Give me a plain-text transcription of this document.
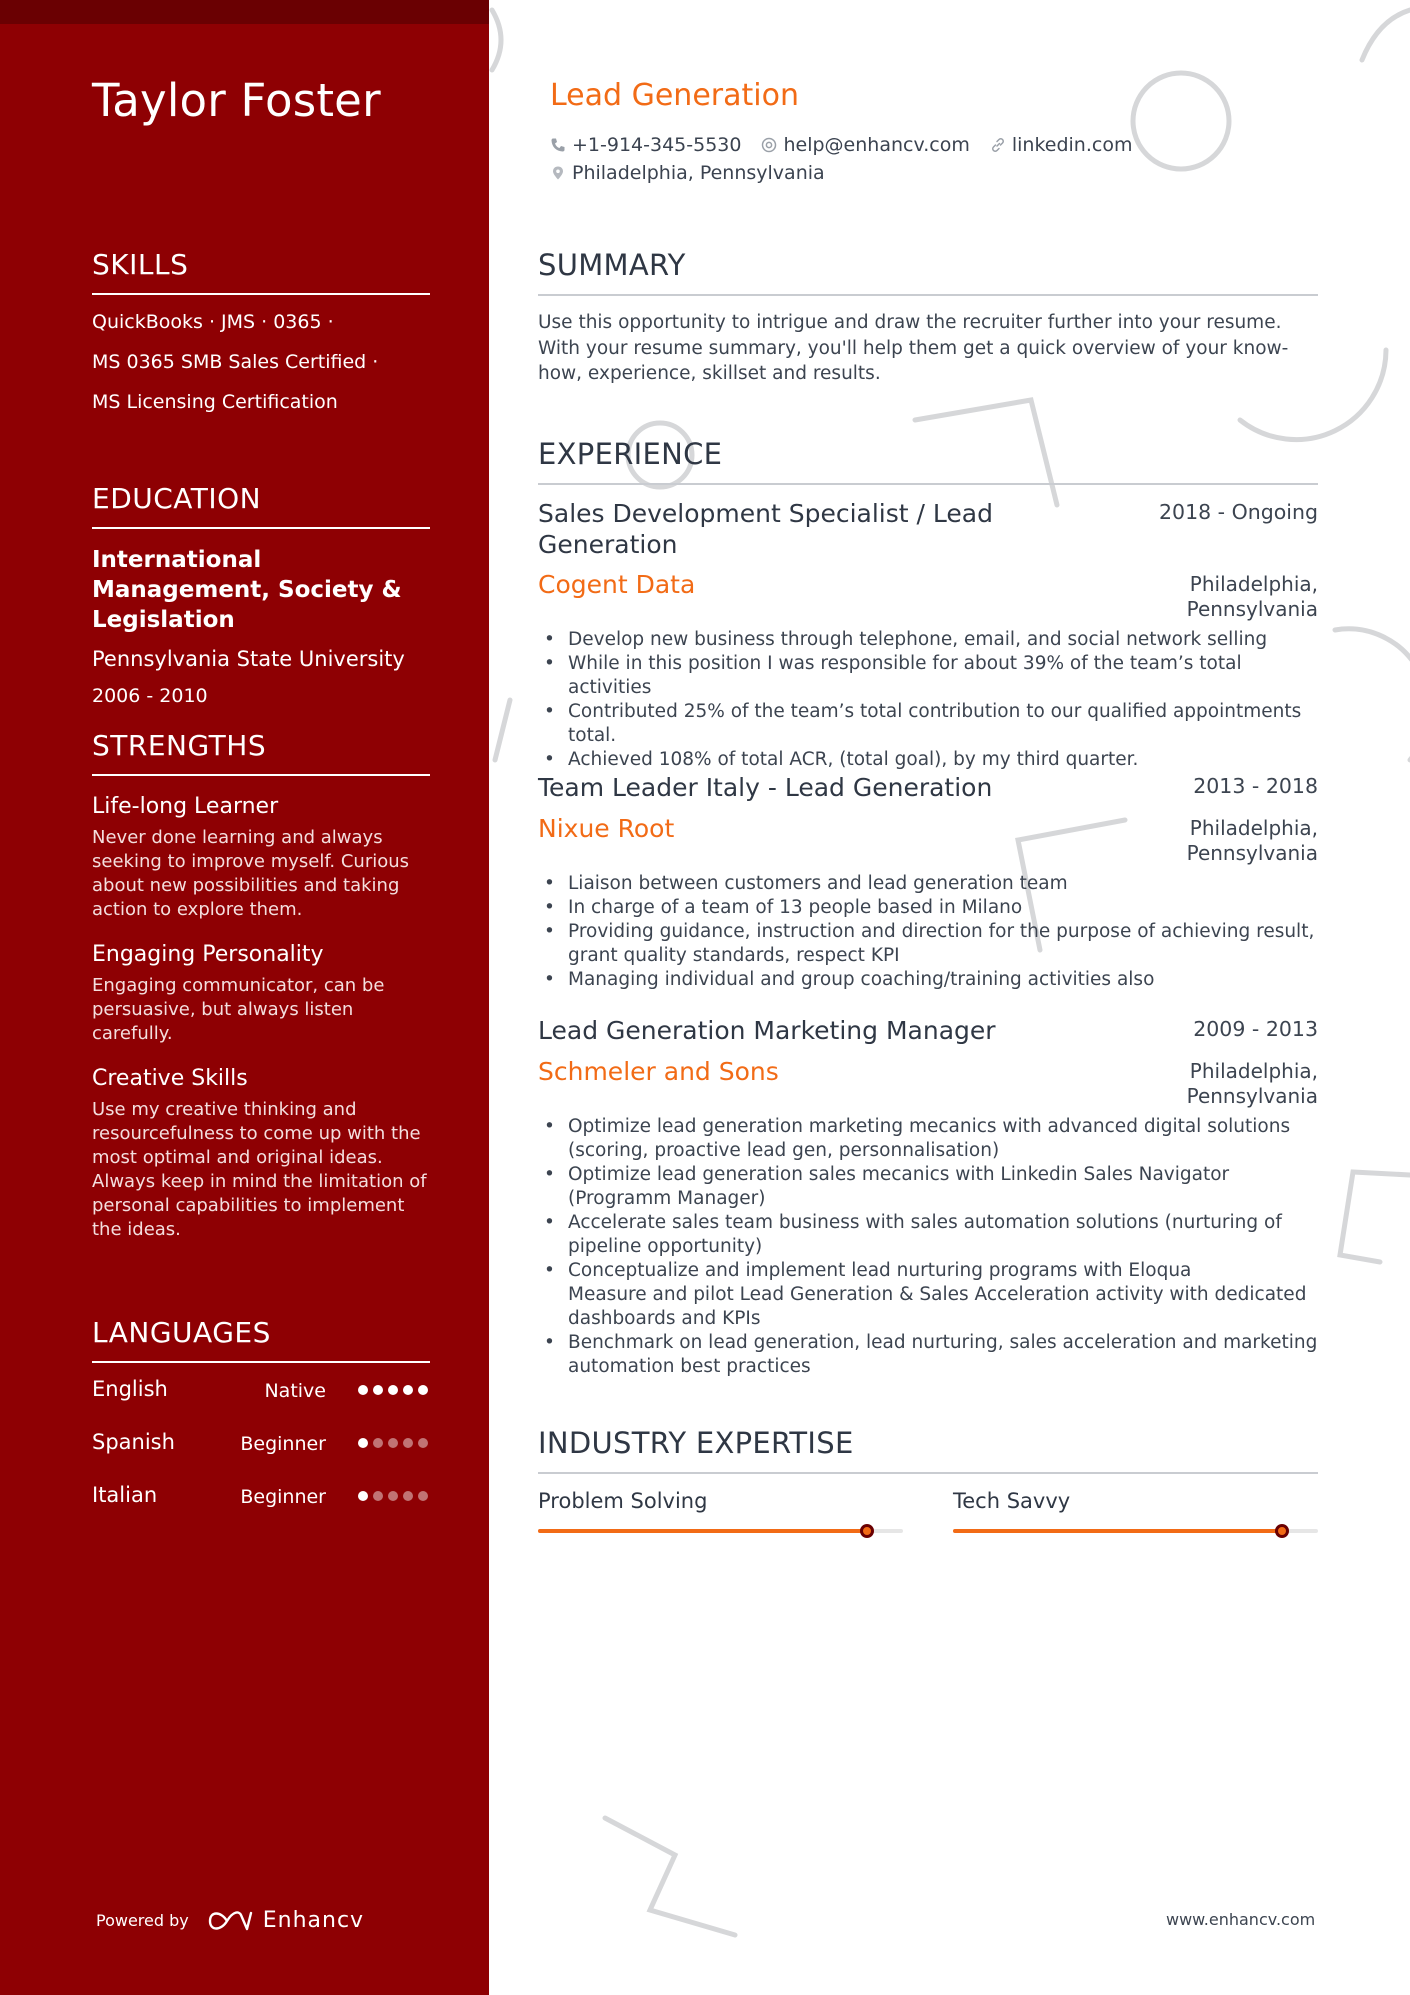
Taylor Foster
SKILLS
QuickBooks · JMS · 0365 ·
MS 0365 SMB Sales Certified ·
MS Licensing Certification
EDUCATION
International Management, Society & Legislation
Pennsylvania State University
2006 - 2010
STRENGTHS
Life-long Learner
Never done learning and always seeking to improve myself. Curious about new possibilities and taking action to explore them.
Engaging Personality
Engaging communicator, can be persuasive, but always listen carefully.
Creative Skills
Use my creative thinking and resourcefulness to come up with the most optimal and original ideas. Always keep in mind the limitation of personal capabilities to implement the ideas.
LANGUAGES
English	Native
Spanish	Beginner
Italian	Beginner
Powered by	Enhancv
Lead Generation
+1-914-345-5530 help@enhancv.com linkedin.com
Philadelphia, Pennsylvania
SUMMARY
Use this opportunity to intrigue and draw the recruiter further into your resume. With your resume summary, you'll help them get a quick overview of your know-how, experience, skillset and results.
EXPERIENCE
Sales Development Specialist / Lead Generation
2018 - Ongoing
Cogent Data	Philadelphia, Pennsylvania
• Develop new business through telephone, email, and social network selling
• While in this position I was responsible for about 39% of the team’s total activities
• Contributed 25% of the team’s total contribution to our qualified appointments total.
• Achieved 108% of total ACR, (total goal), by my third quarter.
Team Leader Italy - Lead Generation	2013 - 2018
Nixue Root	Philadelphia, Pennsylvania
• Liaison between customers and lead generation team
• In charge of a team of 13 people based in Milano
• Providing guidance, instruction and direction for the purpose of achieving result, grant quality standards, respect KPI
• Managing individual and group coaching/training activities also
Lead Generation Marketing Manager	2009 - 2013
Schmeler and Sons	Philadelphia, Pennsylvania
• Optimize lead generation marketing mecanics with advanced digital solutions (scoring, proactive lead gen, personnalisation)
• Optimize lead generation sales mecanics with Linkedin Sales Navigator (Programm Manager)
• Accelerate sales team business with sales automation solutions (nurturing of pipeline opportunity)
• Conceptualize and implement lead nurturing programs with Eloqua
Measure and pilot Lead Generation & Sales Acceleration activity with dedicated dashboards and KPIs
• Benchmark on lead generation, lead nurturing, sales acceleration and marketing automation best practices
INDUSTRY EXPERTISE
Problem Solving	Tech Savvy
www.enhancv.com
